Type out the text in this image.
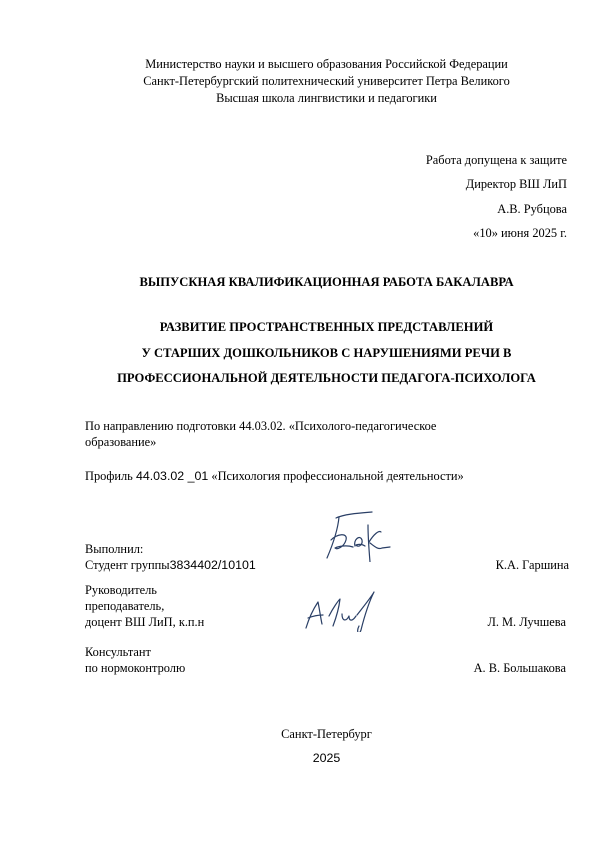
Министерство науки и высшего образования Российской Федерации
Санкт-Петербургский политехнический университет Петра Великого
Высшая школа лингвистики и педагогики
Работа допущена к защите
Директор ВШ ЛиП
А.В. Рубцова
«10» июня 2025 г.
ВЫПУСКНАЯ КВАЛИФИКАЦИОННАЯ РАБОТА БАКАЛАВРА
РАЗВИТИЕ ПРОСТРАНСТВЕННЫХ ПРЕДСТАВЛЕНИЙ
У СТАРШИХ ДОШКОЛЬНИКОВ С НАРУШЕНИЯМИ РЕЧИ В
ПРОФЕССИОНАЛЬНОЙ ДЕЯТЕЛЬНОСТИ ПЕДАГОГА-ПСИХОЛОГА
По направлению подготовки 44.03.02. «Психолого-педагогическое
образование»
Профиль 44.03.02 _01 «Психология профессиональной деятельности»
Выполнил:
Студент группы3834402/10101	К.А. Гаршина
Руководитель
преподаватель,
доцент ВШ ЛиП, к.п.н	Л. М. Лучшева
Консультант
по нормоконтролю	А. В. Большакова
Санкт-Петербург
2025
